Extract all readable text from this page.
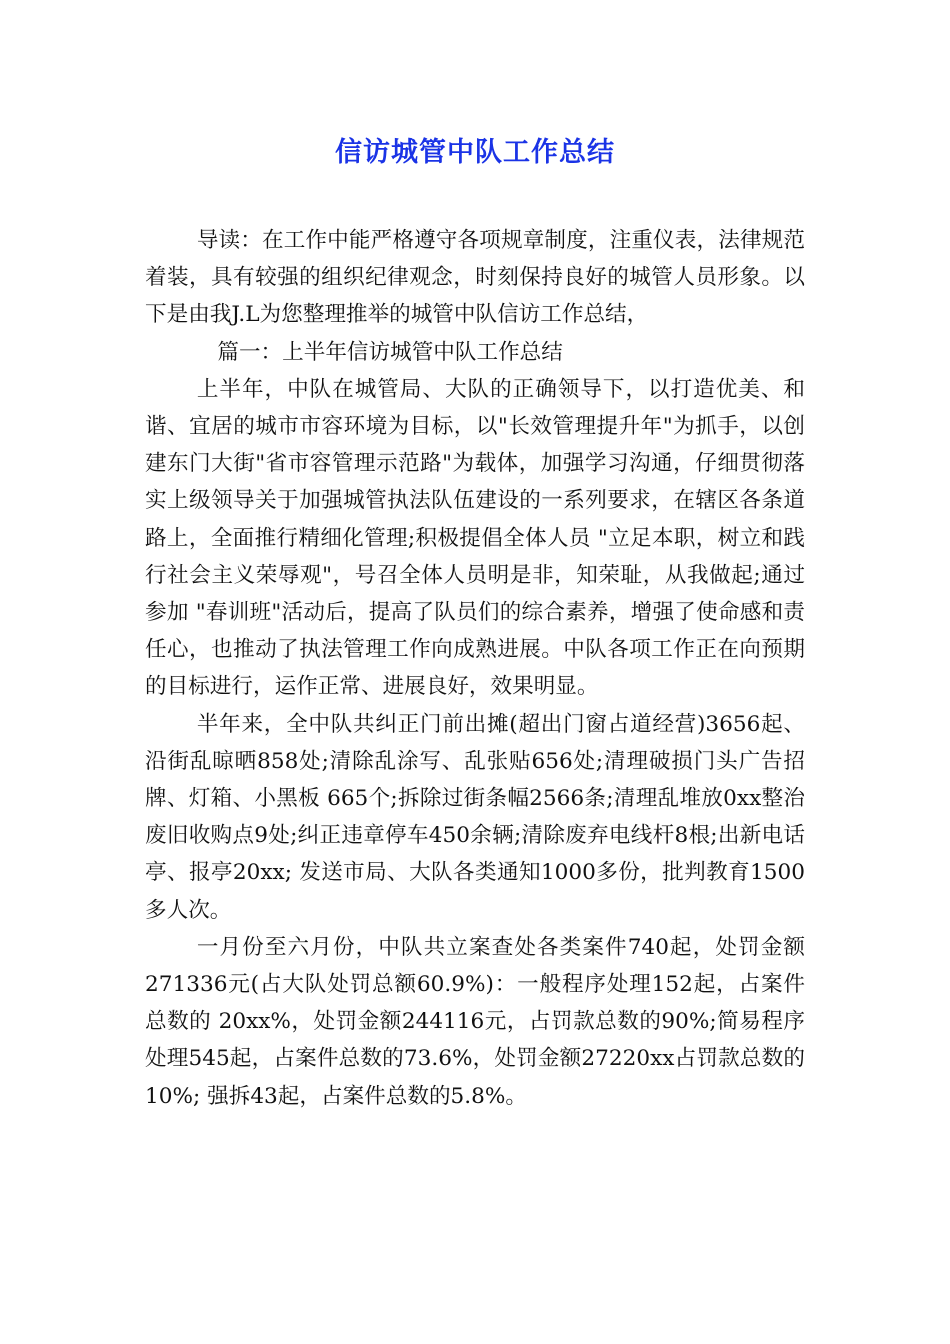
信访城管中队工作总结

导读：在工作中能严格遵守各项规章制度，注重仪表，法律规范着装，具有较强的组织纪律观念，时刻保持良好的城管人员形象。以下是由我J.L为您整理推举的城管中队信访工作总结，

篇一：上半年信访城管中队工作总结

上半年，中队在城管局、大队的正确领导下，以打造优美、和谐、宜居的城市市容环境为目标，以"长效管理提升年"为抓手，以创建东门大街"省市容管理示范路"为载体，加强学习沟通，仔细贯彻落实上级领导关于加强城管执法队伍建设的一系列要求，在辖区各条道路上，全面推行精细化管理;积极提倡全体人员 "立足本职，树立和践行社会主义荣辱观"，号召全体人员明是非，知荣耻，从我做起;通过参加 "春训班"活动后，提高了队员们的综合素养，增强了使命感和责任心，也推动了执法管理工作向成熟进展。中队各项工作正在向预期的目标进行，运作正常、进展良好，效果明显。

半年来，全中队共纠正门前出摊(超出门窗占道经营)3656起、沿街乱晾晒858处;清除乱涂写、乱张贴656处;清理破损门头广告招牌、灯箱、小黑板 665个;拆除过街条幅2566条;清理乱堆放0xx整治废旧收购点9处;纠正违章停车450余辆;清除废弃电线杆8根;出新电话亭、报亭20xx; 发送市局、大队各类通知1000多份，批判教育1500多人次。

一月份至六月份，中队共立案查处各类案件740起，处罚金额 271336元(占大队处罚总额60.9%)：一般程序处理152起，占案件总数的 20xx%，处罚金额244116元，占罚款总数的90%;简易程序处理545起，占案件总数的73.6%，处罚金额27220xx占罚款总数的10%; 强拆43起，占案件总数的5.8%。
